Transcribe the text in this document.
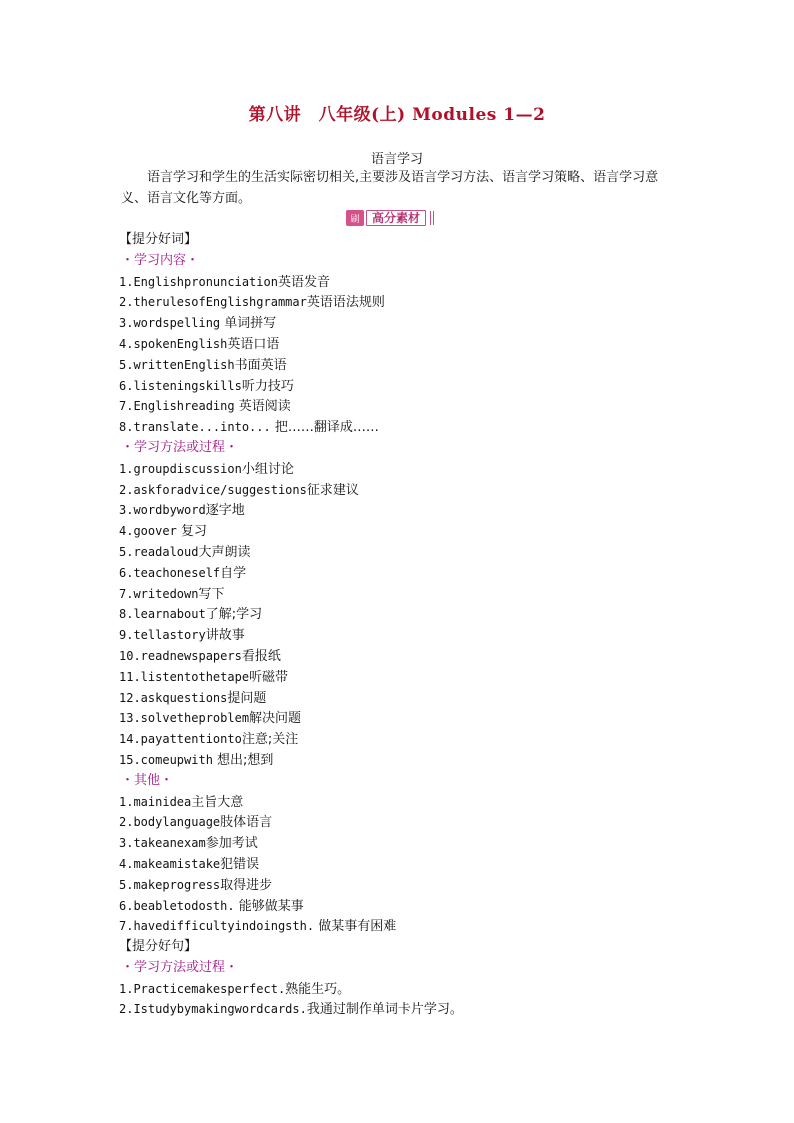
第八讲　八年级(上) Modules 1—2
语言学习
语言学习和学生的生活实际密切相关,主要涉及语言学习方法、语言学习策略、语言学习意义、语言文化等方面。
刷	高分素材
【提分好词】
・学习内容・
1.Englishpronunciation英语发音
2.therulesofEnglishgrammar英语语法规则
3.wordspelling 单词拼写
4.spokenEnglish英语口语
5.writtenEnglish书面英语
6.listeningskills听力技巧
7.Englishreading 英语阅读
8.translate...into... 把……翻译成……
・学习方法或过程・
1.groupdiscussion小组讨论
2.askforadvice/suggestions征求建议
3.wordbyword逐字地
4.goover 复习
5.readaloud大声朗读
6.teachoneself自学
7.writedown写下
8.learnabout了解;学习
9.tellastory讲故事
10.readnewspapers看报纸
11.listentothetape听磁带
12.askquestions提问题
13.solvetheproblem解决问题
14.payattentionto注意;关注
15.comeupwith 想出;想到
・其他・
1.mainidea主旨大意
2.bodylanguage肢体语言
3.takeanexam参加考试
4.makeamistake犯错误
5.makeprogress取得进步
6.beabletodosth. 能够做某事
7.havedifficultyindoingsth. 做某事有困难
【提分好句】
・学习方法或过程・
1.Practicemakesperfect.熟能生巧。
2.Istudybymakingwordcards.我通过制作单词卡片学习。
